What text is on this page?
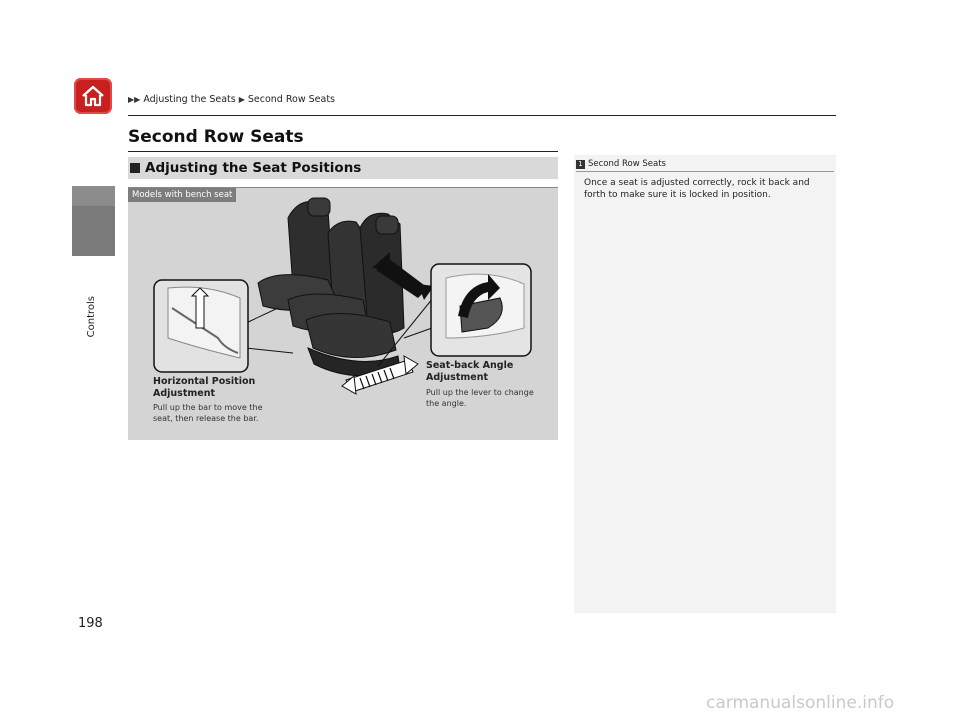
▶▶ Adjusting the Seats ▶ Second Row Seats
Controls
Second Row Seats
Adjusting the Seat Positions
Models with bench seat
Horizontal Position
Adjustment
Pull up the bar to move the
seat, then release the bar.
Seat-back Angle
Adjustment
Pull up the lever to change
the angle.
1 Second Row Seats
Once a seat is adjusted correctly, rock it back and
forth to make sure it is locked in position.
198
carmanualsonline.info
